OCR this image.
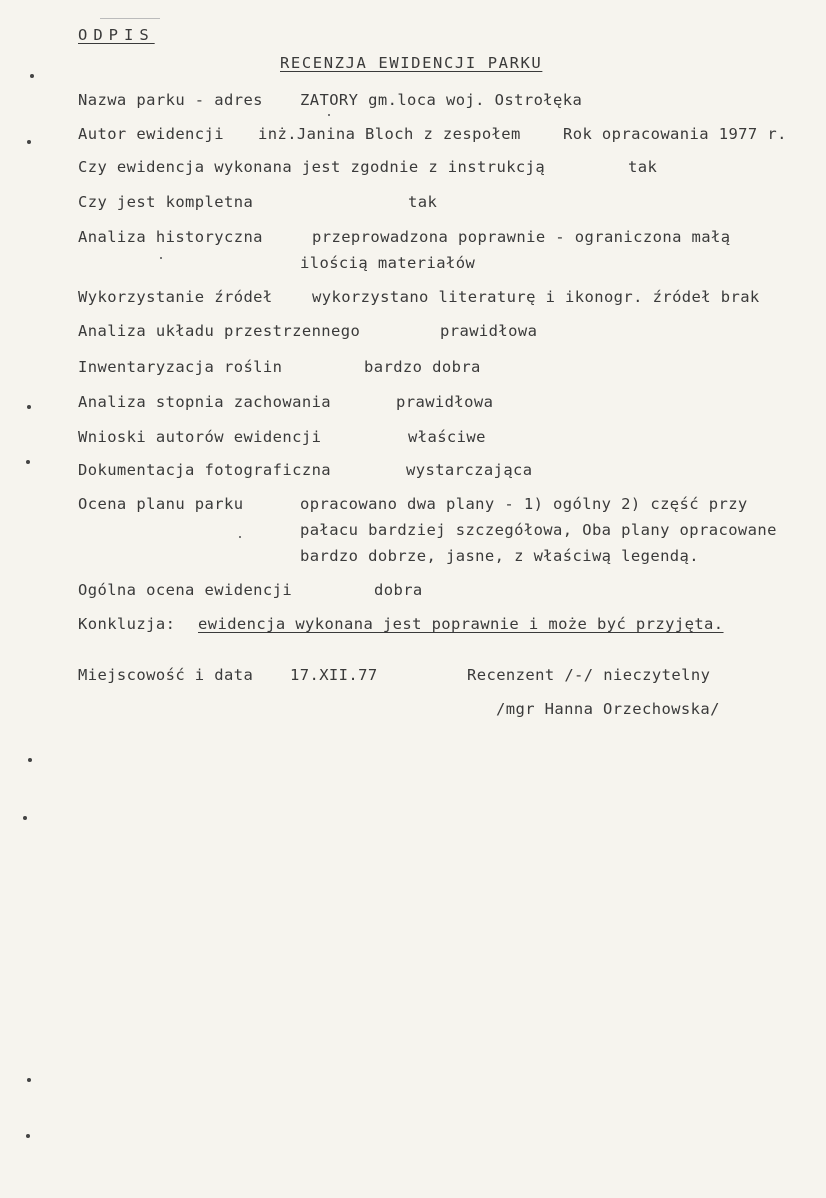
ODPIS
RECENZJA EWIDENCJI PARKU
Nazwa parku - adres ZATORY gm.loca woj. Ostrołęka
Autor ewidencji inż.Janina Bloch z zespołem	Rok opracowania 1977 r.
Czy ewidencja wykonana jest zgodnie z instrukcją	tak
Czy jest kompletna	tak
Analiza historyczna	przeprowadzona poprawnie - ograniczona małą
ilością materiałów
Wykorzystanie źródeł	wykorzystano literaturę i ikonogr. źródeł brak
Analiza układu przestrzennego	prawidłowa
Inwentaryzacja roślin	bardzo dobra
Analiza stopnia zachowania	prawidłowa
Wnioski autorów ewidencji	właściwe
Dokumentacja fotograficzna	wystarczająca
Ocena planu parku	opracowano dwa plany - 1) ogólny 2) część przy
pałacu bardziej szczegółowa, Oba plany opracowane
bardzo dobrze, jasne, z właściwą legendą.
Ogólna ocena ewidencji	dobra
Konkluzja: ewidencja wykonana jest poprawnie i może być przyjęta.
Miejscowość i data 17.XII.77	Recenzent /-/ nieczytelny
/mgr Hanna Orzechowska/
